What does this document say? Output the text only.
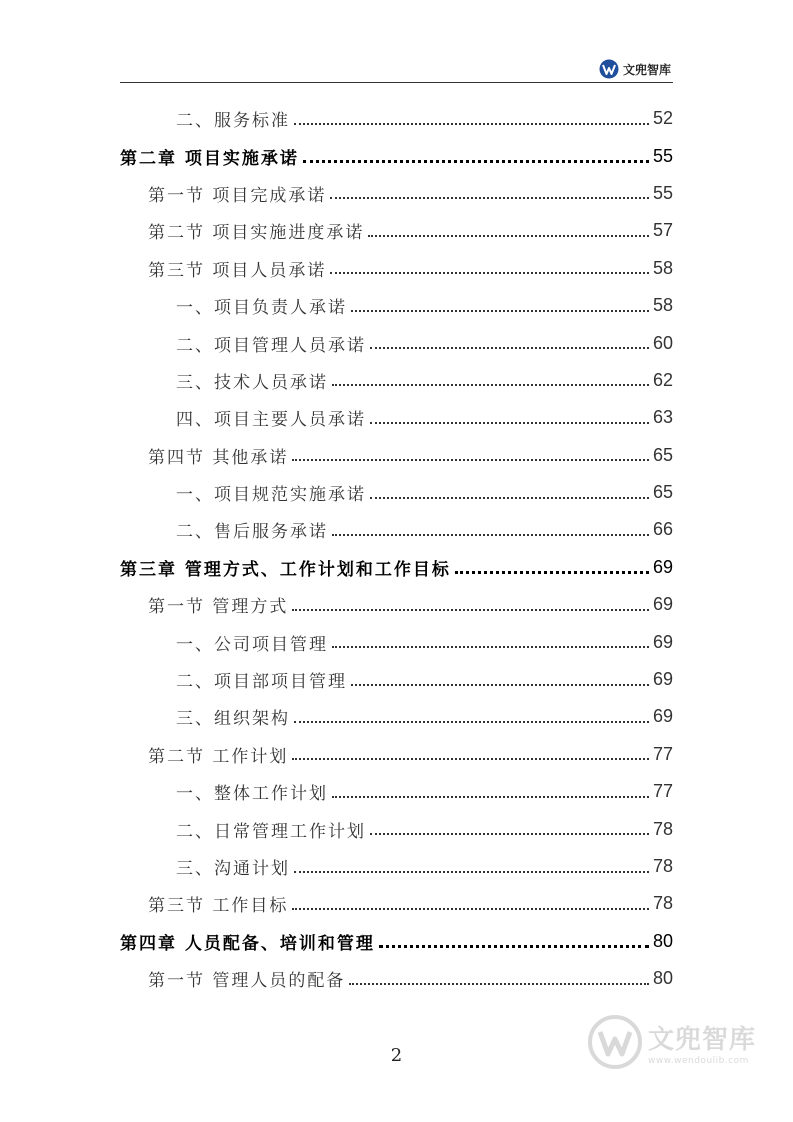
文兜智库
二、服务标准	52
第二章 项目实施承诺	55
第一节 项目完成承诺	55
第二节 项目实施进度承诺	57
第三节 项目人员承诺	58
一、项目负责人承诺	58
二、项目管理人员承诺	60
三、技术人员承诺	62
四、项目主要人员承诺	63
第四节 其他承诺	65
一、项目规范实施承诺	65
二、售后服务承诺	66
第三章 管理方式、工作计划和工作目标	69
第一节 管理方式	69
一、公司项目管理	69
二、项目部项目管理	69
三、组织架构	69
第二节 工作计划	77
一、整体工作计划	77
二、日常管理工作计划	78
三、沟通计划	78
第三节 工作目标	78
第四章 人员配备、培训和管理	80
第一节 管理人员的配备	80
2
文兜智库
www.wendoulib.com
